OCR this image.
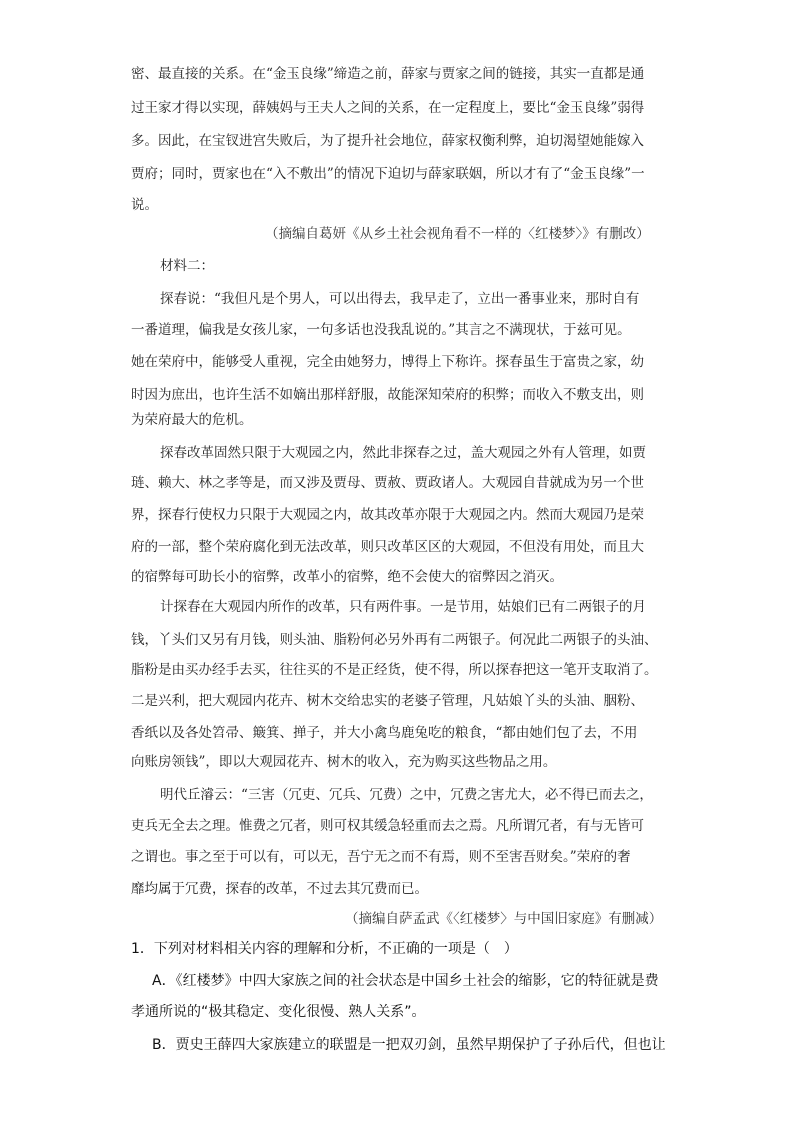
密、最直接的关系。在“金玉良缘”缔造之前，薛家与贾家之间的链接，其实一直都是通
过王家才得以实现，薛姨妈与王夫人之间的关系，在一定程度上，要比“金玉良缘”弱得
多。因此，在宝钗进宫失败后，为了提升社会地位，薛家权衡利弊，迫切渴望她能嫁入
贾府；同时，贾家也在“入不敷出”的情况下迫切与薛家联姻，所以才有了“金玉良缘”一
说。
（摘编自葛妍《从乡土社会视角看不一样的〈红楼梦〉》有删改）
材料二：
探春说：“我但凡是个男人，可以出得去，我早走了，立出一番事业来，那时自有
一番道理，偏我是女孩儿家，一句多话也没我乱说的。”其言之不满现状，于兹可见。
她在荣府中，能够受人重视，完全由她努力，博得上下称许。探春虽生于富贵之家，幼
时因为庶出，也许生活不如嫡出那样舒服，故能深知荣府的积弊；而收入不敷支出，则
为荣府最大的危机。
探春改革固然只限于大观园之内，然此非探春之过，盖大观园之外有人管理，如贾
琏、赖大、林之孝等是，而又涉及贾母、贾赦、贾政诸人。大观园自昔就成为另一个世
界，探春行使权力只限于大观园之内，故其改革亦限于大观园之内。然而大观园乃是荣
府的一部，整个荣府腐化到无法改革，则只改革区区的大观园，不但没有用处，而且大
的宿弊每可助长小的宿弊，改革小的宿弊，绝不会使大的宿弊因之消灭。
计探春在大观园内所作的改革，只有两件事。一是节用，姑娘们已有二两银子的月
钱，丫头们又另有月钱，则头油、脂粉何必另外再有二两银子。何况此二两银子的头油、
脂粉是由买办经手去买，往往买的不是正经货，使不得，所以探春把这一笔开支取消了。
二是兴利，把大观园内花卉、树木交给忠实的老婆子管理，凡姑娘丫头的头油、胭粉、
香纸以及各处笤帚、簸箕、掸子，并大小禽鸟鹿兔吃的粮食，“都由她们包了去，不用
向账房领钱”，即以大观园花卉、树木的收入，充为购买这些物品之用。
明代丘濬云：“三害（冗吏、冗兵、冗费）之中，冗费之害尤大，必不得已而去之，
吏兵无全去之理。惟费之冗者，则可权其缓急轻重而去之焉。凡所谓冗者，有与无皆可
之谓也。事之至于可以有，可以无，吾宁无之而不有焉，则不至害吾财矣。”荣府的奢
靡均属于冗费，探春的改革，不过去其冗费而已。
（摘编自萨孟武《〈红楼梦〉与中国旧家庭》有删减）
1．下列对材料相关内容的理解和分析，不正确的一项是（　）
A．《红楼梦》中四大家族之间的社会状态是中国乡土社会的缩影，它的特征就是费
孝通所说的“极其稳定、变化很慢、熟人关系”。
B．贾史王薛四大家族建立的联盟是一把双刃剑，虽然早期保护了子孙后代，但也让
